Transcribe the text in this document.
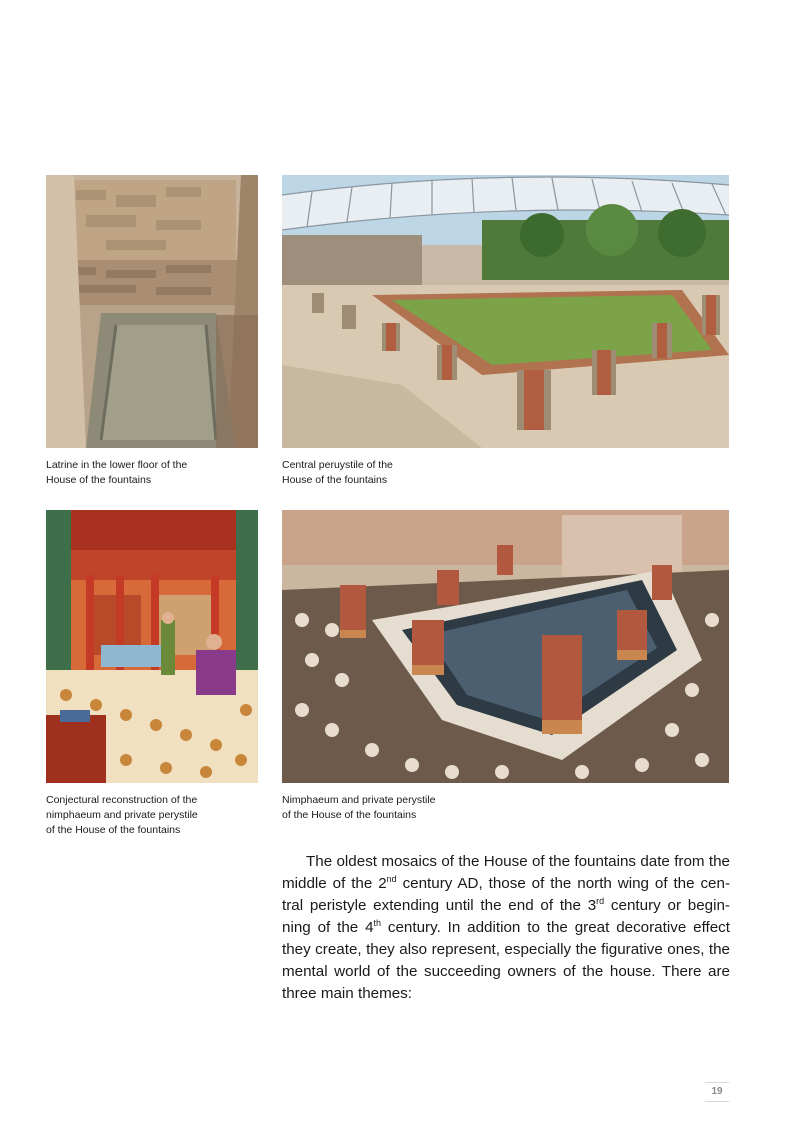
Latrine in the lower floor of the
House of the fountains
Central peruystile of the
House of the fountains
Conjectural reconstruction of the
nimphaeum and private perystile
of the House of the fountains
Nimphaeum and private perystile
of the House of the fountains

The oldest mosaics of the House of the fountains date from the
middle of the 2nd century AD, those of the north wing of the cen-
tral peristyle extending until the end of the 3rd century or begin-
ning of the 4th century. In addition to the great decorative effect
they create, they also represent, especially the figurative ones, the
mental world of the succeeding owners of the house. There are
three main themes:

19
